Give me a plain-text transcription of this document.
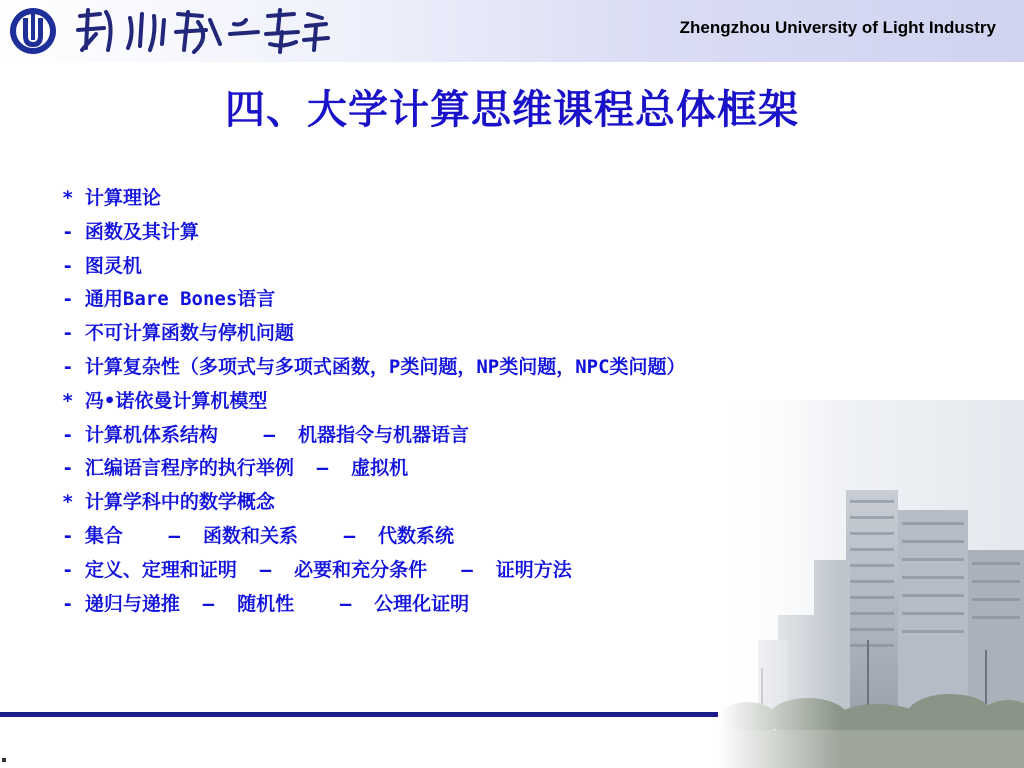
Zhengzhou University of Light Industry
四、大学计算思维课程总体框架
* 计算理论
- 函数及其计算
- 图灵机
- 通用Bare Bones语言
- 不可计算函数与停机问题
- 计算复杂性（多项式与多项式函数，P类问题，NP类问题，NPC类问题）
* 冯•诺依曼计算机模型
- 计算机体系结构    –  机器指令与机器语言
- 汇编语言程序的执行举例  –  虚拟机
* 计算学科中的数学概念
- 集合    –  函数和关系    –  代数系统
- 定义、定理和证明  –  必要和充分条件   –  证明方法
- 递归与递推  –  随机性    –  公理化证明
